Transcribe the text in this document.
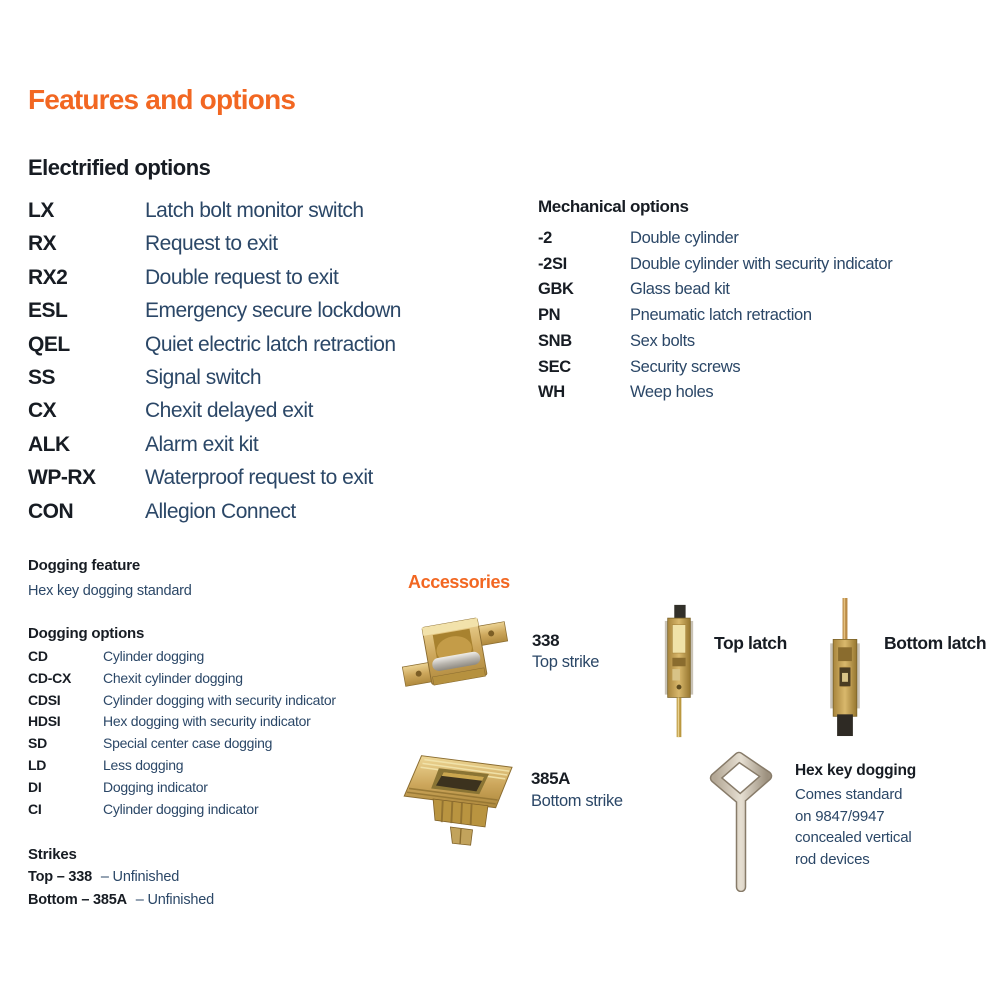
Features and options
Electrified options
LX	Latch bolt monitor switch
RX	Request to exit
RX2	Double request to exit
ESL	Emergency secure lockdown
QEL	Quiet electric latch retraction
SS	Signal switch
CX	Chexit delayed exit
ALK	Alarm exit kit
WP-RX	Waterproof request to exit
CON	Allegion Connect
Mechanical options
-2	Double cylinder
-2SI	Double cylinder with security indicator
GBK	Glass bead kit
PN	Pneumatic latch retraction
SNB	Sex bolts
SEC	Security screws
WH	Weep holes
Dogging feature
Hex key dogging standard
Dogging options
CD	Cylinder dogging
CD-CX	Chexit cylinder dogging
CDSI	Cylinder dogging with security indicator
HDSI	Hex dogging with security indicator
SD	Special center case dogging
LD	Less dogging
DI	Dogging indicator
CI	Cylinder dogging indicator
Strikes
Top – 338 – Unfinished
Bottom – 385A – Unfinished
Accessories
338
Top strike
Top latch	Bottom latch
385A
Bottom strike
Hex key dogging
Comes standard
on 9847/9947
concealed vertical
rod devices
